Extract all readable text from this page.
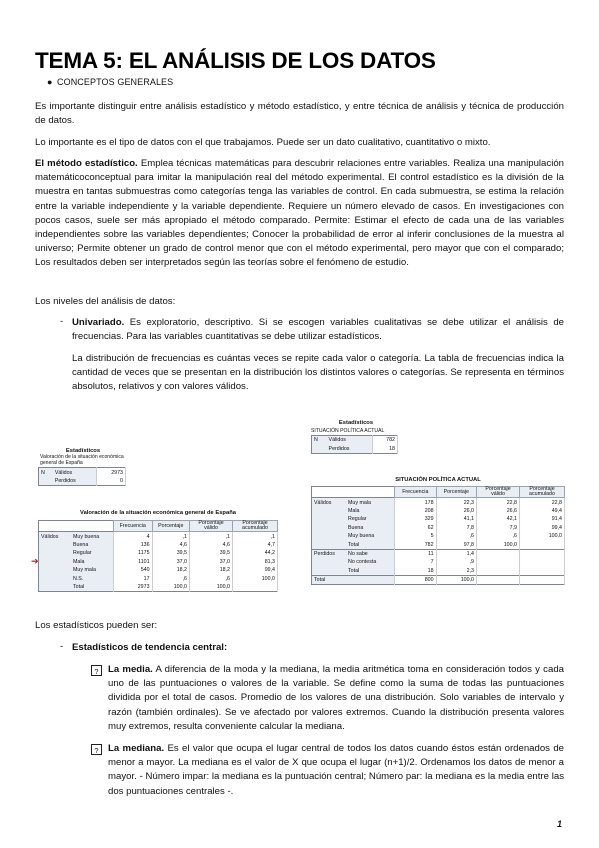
TEMA 5: EL ANÁLISIS DE LOS DATOS
● CONCEPTOS GENERALES

Es importante distinguir entre análisis estadístico y método estadístico, y entre técnica de análisis y técnica de producción de datos.

Lo importante es el tipo de datos con el que trabajamos. Puede ser un dato cualitativo, cuantitativo o mixto.

El método estadístico. Emplea técnicas matemáticas para descubrir relaciones entre variables. Realiza una manipulación matemáticoconceptual para imitar la manipulación real del método experimental. El control estadístico es la división de la muestra en tantas submuestras como categorías tenga las variables de control. En cada submuestra, se estima la relación entre la variable independiente y la variable dependiente. Requiere un número elevado de casos. En investigaciones con pocos casos, suele ser más apropiado el método comparado. Permite: Estimar el efecto de cada una de las variables independientes sobre las variables dependientes; Conocer la probabilidad de error al inferir conclusiones de la muestra al universo; Permite obtener un grado de control menor que con el método experimental, pero mayor que con el comparado; Los resultados deben ser interpretados según las teorías sobre el fenómeno de estudio.

Los niveles del análisis de datos:

- Univariado. Es exploratorio, descriptivo. Si se escogen variables cualitativas se debe utilizar el análisis de frecuencias. Para las variables cuantitativas se debe utilizar estadísticos.

La distribución de frecuencias es cuántas veces se repite cada valor o categoría. La tabla de frecuencias indica la cantidad de veces que se presentan en la distribución los distintos valores o categorías. Se representa en términos absolutos, relativos y con valores válidos.

Estadísticos
Valoración de la situación económica general de España
N	Válidos	2973
	Perdidos	0
Estadísticos
SITUACIÓN POLÍTICA ACTUAL
N	Válidos	782
	Perdidos	18
SITUACIÓN POLÍTICA ACTUAL
		Frecuencia	Porcentaje	Porcentaje válido	Porcentaje acumulado
Válidos	Muy mala	178	22,3	22,8	22,8
	Mala	208	26,0	26,6	49,4
	Regular	329	41,1	42,1	91,4
	Buena	62	7,8	7,9	99,4
	Muy buena	5	,6	,6	100,0
	Total	782	97,8	100,0	
Perdidos	No sabe	11	1,4		
	No contesta	7	,9		
	Total	18	2,3		
Total		800	100,0		
Valoración de la situación económica general de España
		Frecuencia	Porcentaje	Porcentaje válido	Porcentaje acumulado
Válidos	Muy buena	4	,1	,1	,1
	Buena	136	4,6	4,6	4,7
	Regular	1175	39,5	39,5	44,2
	Mala	1101	37,0	37,0	81,3
	Muy mala	540	18,2	18,2	99,4
	N.S.	17	,6	,6	100,0
	Total	2973	100,0	100,0	
➔

Los estadísticos pueden ser:

- Estadísticos de tendencia central:

? La media. A diferencia de la moda y la mediana, la media aritmética toma en consideración todos y cada uno de las puntuaciones o valores de la variable. Se define como la suma de todas las puntuaciones dividida por el total de casos. Promedio de los valores de una distribución. Solo variables de intervalo y razón (también ordinales). Se ve afectado por valores extremos. Cuando la distribución presenta valores muy extremos, resulta conveniente calcular la mediana.

? La mediana. Es el valor que ocupa el lugar central de todos los datos cuando éstos están ordenados de menor a mayor. La mediana es el valor de X que ocupa el lugar (n+1)/2. Ordenamos los datos de menor a mayor. - Número impar: la mediana es la puntuación central; Número par: la mediana es la media entre las dos puntuaciones centrales -.

1
